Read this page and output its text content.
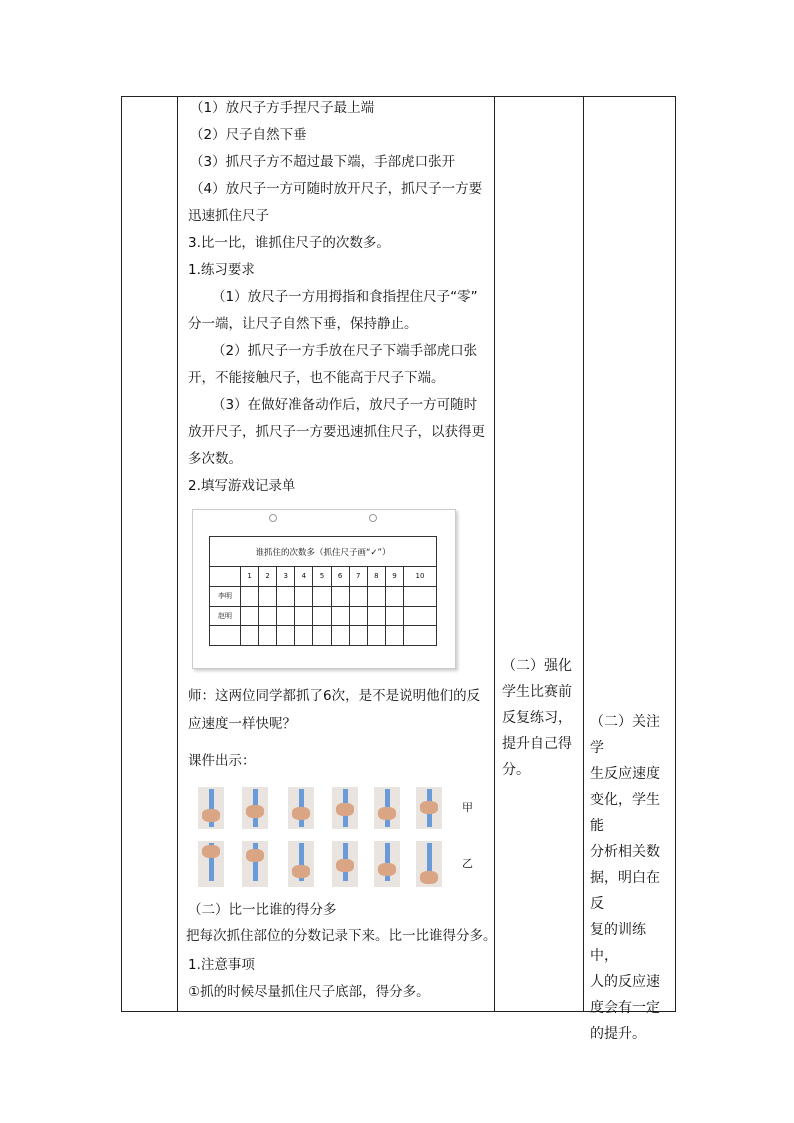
（1）放尺子方手捏尺子最上端
（2）尺子自然下垂
（3）抓尺子方不超过最下端，手部虎口张开
（4）放尺子一方可随时放开尺子，抓尺子一方要
迅速抓住尺子
3.比一比，谁抓住尺子的次数多。
1.练习要求
（1）放尺子一方用拇指和食指捏住尺子“零”
分一端，让尺子自然下垂，保持静止。
（2）抓尺子一方手放在尺子下端手部虎口张
开，不能接触尺子，也不能高于尺子下端。
（3）在做好准备动作后，放尺子一方可随时
放开尺子，抓尺子一方要迅速抓住尺子，以获得更
多次数。
2.填写游戏记录单
谁抓住的次数多（抓住尺子画“✓”）										
	1	2	3	4	5	6	7	8	9	10
李明										
赵明										

师：这两位同学都抓了6次，是不是说明他们的反
应速度一样快呢？
课件出示：
甲
乙
（二）比一比谁的得分多
把每次抓住部位的分数记录下来。比一比谁得分多。
1.注意事项
①抓的时候尽量抓住尺子底部，得分多。
（二）强化
学生比赛前
反复练习，
提升自己得
分。
（二）关注学
生反应速度
变化，学生能
分析相关数
据，明白在反
复的训练中，
人的反应速
度会有一定
的提升。
